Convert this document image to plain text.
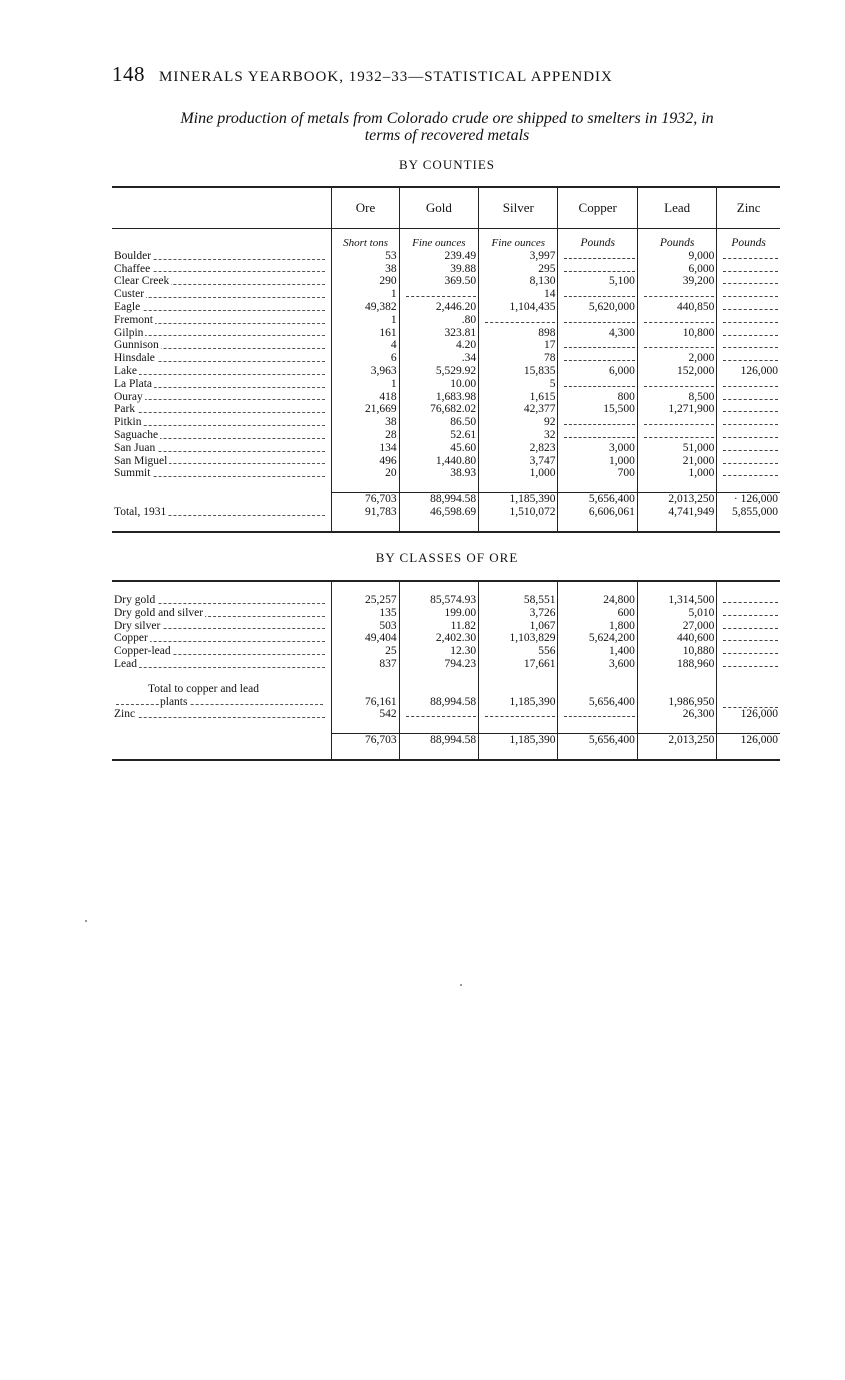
148 MINERALS YEARBOOK, 1932–33—STATISTICAL APPENDIX
Mine production of metals from Colorado crude ore shipped to smelters in 1932, in
terms of recovered metals
BY COUNTIES
	Ore	Gold	Silver	Copper	Lead	Zinc
	Short tons	Fine ounces	Fine ounces	Pounds	Pounds	Pounds
Boulder	53	239.49	3,997		9,000	

Chaffee	38	39.88	295		6,000	

Clear Creek	290	369.50	8,130	5,100	39,200	

Custer	1		14	

Eagle	49,382	2,446.20	1,104,435	5,620,000	440,850	

Fremont	1	.80	

Gilpin	161	323.81	898	4,300	10,800	

Gunnison	4	4.20	17	

Hinsdale	6	.34	78		2,000	

Lake	3,963	5,529.92	15,835	6,000	152,000	126,000
La Plata	1	10.00	5	

Ouray	418	1,683.98	1,615	800	8,500	

Park	21,669	76,682.02	42,377	15,500	1,271,900	

Pitkin	38	86.50	92	

Saguache	28	52.61	32	

San Juan	134	45.60	2,823	3,000	51,000	

San Miguel	496	1,440.80	3,747	1,000	21,000	

Summit	20	38.93	1,000	700	1,000	

	76,703	88,994.58	1,185,390	5,656,400	2,013,250	· 126,000
Total, 1931	91,783	46,598.69	1,510,072	6,606,061	4,741,949	5,855,000

BY CLASSES OF ORE

Dry gold	25,257	85,574.93	58,551	24,800	1,314,500	

Dry gold and silver	135	199.00	3,726	600	5,010	

Dry silver	503	11.82	1,067	1,800	27,000	

Copper	49,404	2,402.30	1,103,829	5,624,200	440,600	

Copper-lead	25	12.30	556	1,400	10,880	

Lead	837	794.23	17,661	3,600	188,960	

Total to copper and lead
plants	76,161	88,994.58	1,185,390	5,656,400	1,986,950	

Zinc	542				26,300	126,000

	76,703	88,994.58	1,185,390	5,656,400	2,013,250	126,000
